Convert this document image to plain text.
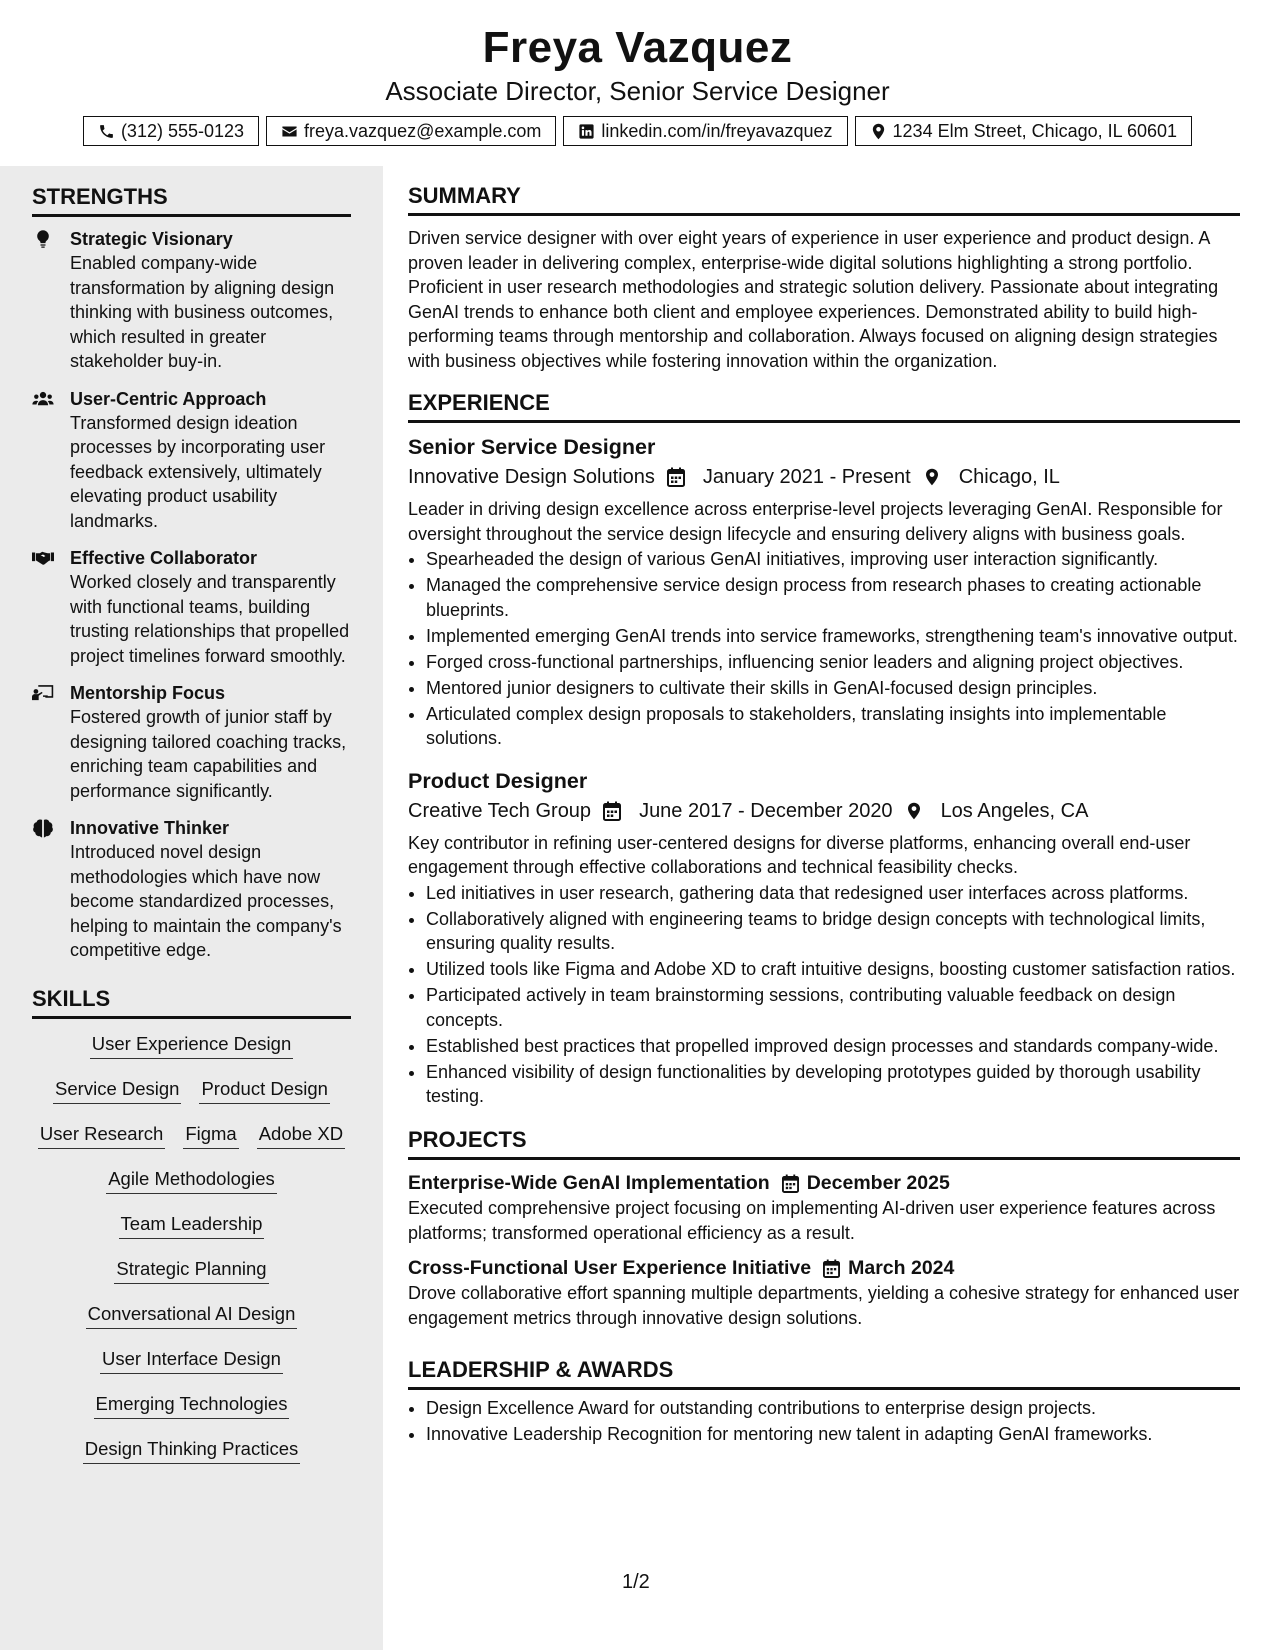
Freya Vazquez
Associate Director, Senior Service Designer
(312) 555-0123	freya.vazquez@example.com	linkedin.com/in/freyavazquez	1234 Elm Street, Chicago, IL 60601
STRENGTHS
Strategic Visionary
Enabled company-wide transformation by aligning design thinking with business outcomes, which resulted in greater stakeholder buy-in.
User-Centric Approach
Transformed design ideation processes by incorporating user feedback extensively, ultimately elevating product usability landmarks.
Effective Collaborator
Worked closely and transparently with functional teams, building trusting relationships that propelled project timelines forward smoothly.
Mentorship Focus
Fostered growth of junior staff by designing tailored coaching tracks, enriching team capabilities and performance significantly.
Innovative Thinker
Introduced novel design methodologies which have now become standardized processes, helping to maintain the company's competitive edge.
SKILLS
User Experience Design
Service Design Product Design
User Research Figma Adobe XD
Agile Methodologies
Team Leadership
Strategic Planning
Conversational AI Design
User Interface Design
Emerging Technologies
Design Thinking Practices
SUMMARY
Driven service designer with over eight years of experience in user experience and product design. A proven leader in delivering complex, enterprise-wide digital solutions highlighting a strong portfolio. Proficient in user research methodologies and strategic solution delivery. Passionate about integrating GenAI trends to enhance both client and employee experiences. Demonstrated ability to build high-performing teams through mentorship and collaboration. Always focused on aligning design strategies with business objectives while fostering innovation within the organization.
EXPERIENCE
Senior Service Designer
Innovative Design Solutions January 2021 - Present Chicago, IL
Leader in driving design excellence across enterprise-level projects leveraging GenAI. Responsible for oversight throughout the service design lifecycle and ensuring delivery aligns with business goals.
• Spearheaded the design of various GenAI initiatives, improving user interaction significantly.
• Managed the comprehensive service design process from research phases to creating actionable blueprints.
• Implemented emerging GenAI trends into service frameworks, strengthening team's innovative output.
• Forged cross-functional partnerships, influencing senior leaders and aligning project objectives.
• Mentored junior designers to cultivate their skills in GenAI-focused design principles.
• Articulated complex design proposals to stakeholders, translating insights into implementable solutions.
Product Designer
Creative Tech Group June 2017 - December 2020 Los Angeles, CA
Key contributor in refining user-centered designs for diverse platforms, enhancing overall end-user engagement through effective collaborations and technical feasibility checks.
• Led initiatives in user research, gathering data that redesigned user interfaces across platforms.
• Collaboratively aligned with engineering teams to bridge design concepts with technological limits, ensuring quality results.
• Utilized tools like Figma and Adobe XD to craft intuitive designs, boosting customer satisfaction ratios.
• Participated actively in team brainstorming sessions, contributing valuable feedback on design concepts.
• Established best practices that propelled improved design processes and standards company-wide.
• Enhanced visibility of design functionalities by developing prototypes guided by thorough usability testing.
PROJECTS
Enterprise-Wide GenAI Implementation December 2025
Executed comprehensive project focusing on implementing AI-driven user experience features across platforms; transformed operational efficiency as a result.
Cross-Functional User Experience Initiative March 2024
Drove collaborative effort spanning multiple departments, yielding a cohesive strategy for enhanced user engagement metrics through innovative design solutions.
LEADERSHIP & AWARDS
• Design Excellence Award for outstanding contributions to enterprise design projects.
• Innovative Leadership Recognition for mentoring new talent in adapting GenAI frameworks.
1/2
